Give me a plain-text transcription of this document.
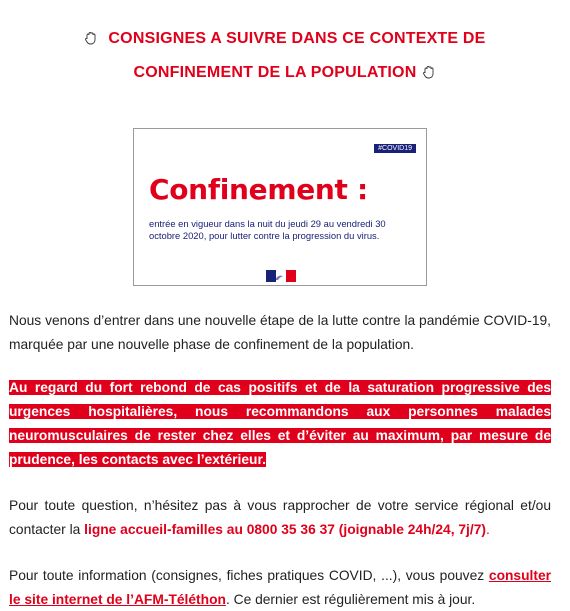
CONSIGNES A SUIVRE DANS CE CONTEXTE DE
CONFINEMENT DE LA POPULATION
#COVID19
Confinement :
entrée en vigueur dans la nuit du jeudi 29 au vendredi 30
octobre 2020, pour lutter contre la progression du virus.
Nous venons d’entrer dans une nouvelle étape de la lutte contre la pandémie COVID-19, marquée par une nouvelle phase de confinement de la population.
Au regard du fort rebond de cas positifs et de la saturation progressive des urgences hospitalières, nous recommandons aux personnes malades neuromusculaires de rester chez elles et d’éviter au maximum, par mesure de prudence, les contacts avec l’extérieur.
Pour toute question, n’hésitez pas à vous rapprocher de votre service régional et/ou contacter la ligne accueil-familles au 0800 35 36 37 (joignable 24h/24, 7j/7).
Pour toute information (consignes, fiches pratiques COVID, ...), vous pouvez consulter le site internet de l’AFM-Téléthon. Ce dernier est régulièrement mis à jour.
